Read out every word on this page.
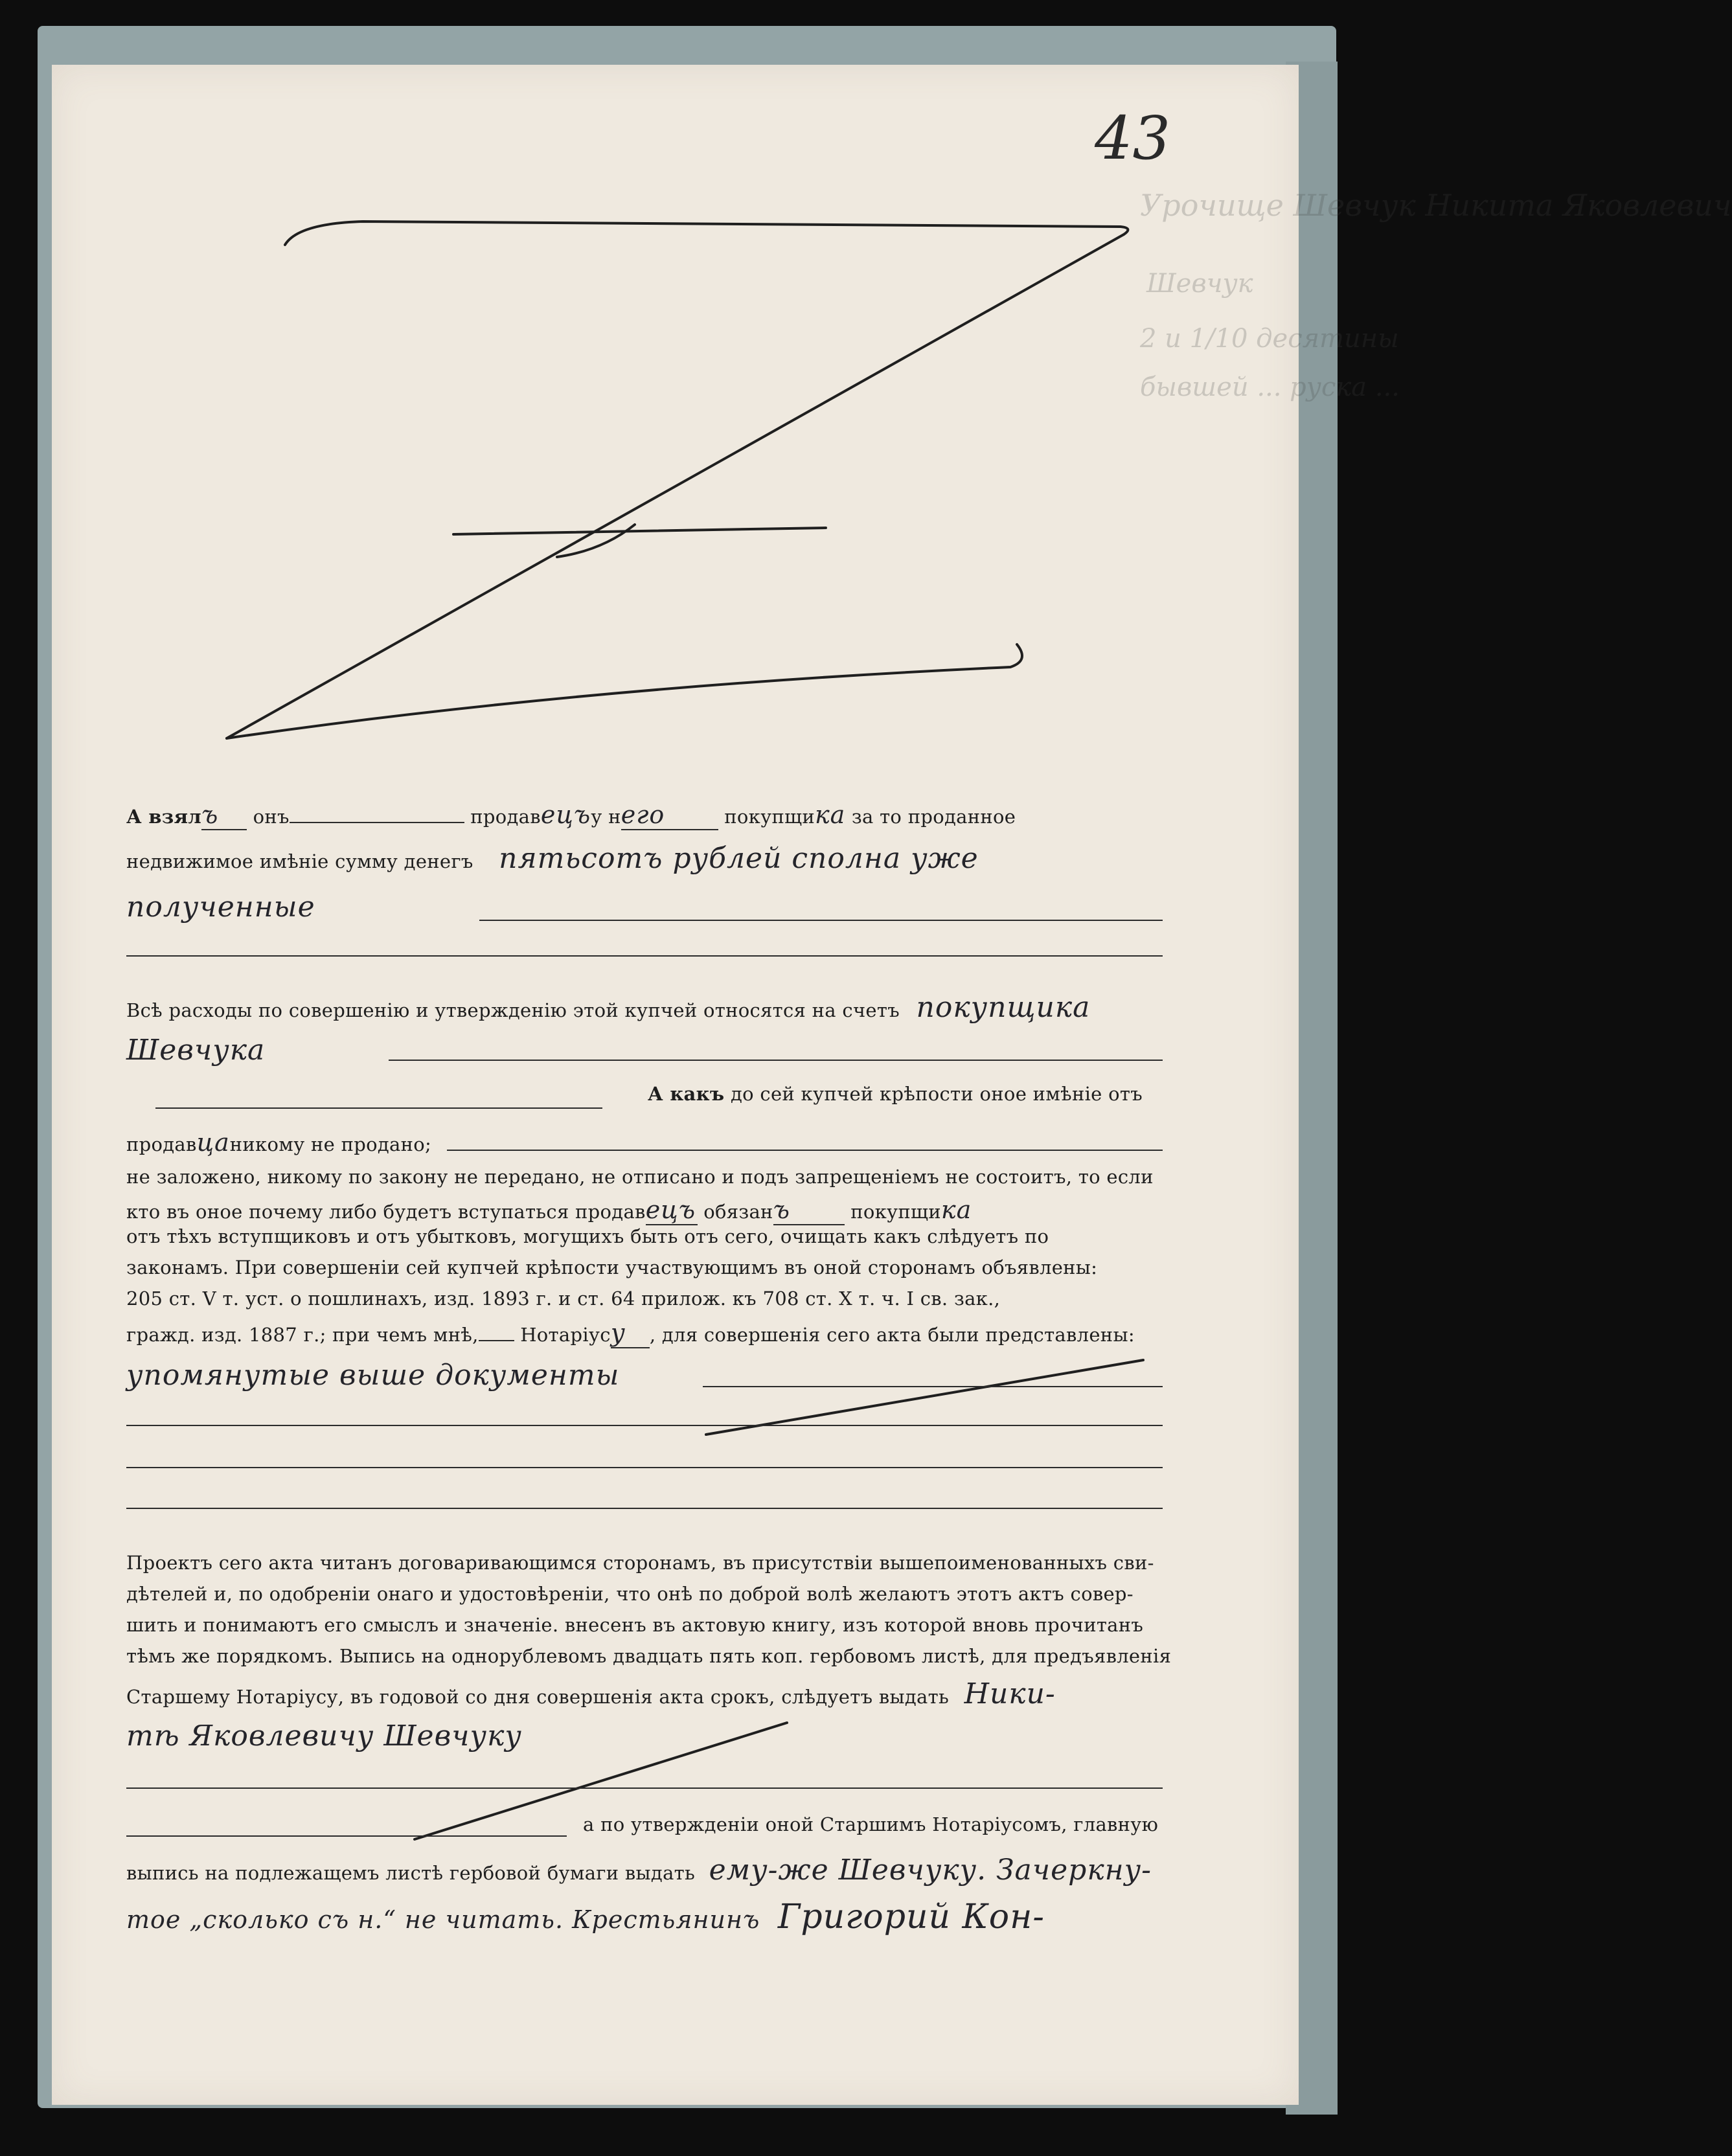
43
Урочище Шевчук Никита Яковлевич
Шевчук
2 и 1/10 десятины
бывшей ... руска ...
А взялъ онъ	продавецъу него	покупщика за то проданное
недвижимое имѣніе сумму денегъ пятьсотъ рублей сполна уже
полученные
Всѣ расходы по совершенію и утвержденію этой купчей относятся на счетъ покупщика
Шевчука
А какъ до сей купчей крѣпости оное имѣніе отъ
продавцаникому не продано;
не заложено, никому по закону не передано, не отписано и подъ запрещеніемъ не состоитъ, то если
кто въ оное почему либо будетъ вступаться продавецъ обязанъ	покупщика
отъ тѣхъ вступщиковъ и отъ убытковъ, могущихъ быть отъ сего, очищать какъ слѣдуетъ по
законамъ. При совершеніи сей купчей крѣпости участвующимъ въ оной сторонамъ объявлены:
205 ст. V т. уст. о пошлинахъ, изд. 1893 г. и ст. 64 прилож. къ 708 ст. X т. ч. I св. зак.,
гражд. изд. 1887 г.; при чемъ мнѣ, Нотаріусу , для совершенія сего акта были представлены:
упомянутые выше документы
Проектъ сего акта читанъ договаривающимся сторонамъ, въ присутствіи вышепоименованныхъ сви-
дѣтелей и, по одобреніи онаго и удостовѣреніи, что онѣ по доброй волѣ желаютъ этотъ актъ совер-
шить и понимаютъ его смыслъ и значеніе. внесенъ въ актовую книгу, изъ которой вновь прочитанъ
тѣмъ же порядкомъ. Выпись на однорублевомъ двадцать пять коп. гербовомъ листѣ, для предъявленія
Старшему Нотаріусу, въ годовой со дня совершенія акта срокъ, слѣдуетъ выдать Ники-
тѣ Яковлевичу Шевчуку
а по утвержденіи оной Старшимъ Нотаріусомъ, главную
выпись на подлежащемъ листѣ гербовой бумаги выдать ему-же Шевчуку. Зачеркну-
тое „сколько съ н.“ не читать. Крестьянинъ Григорий Кон-
